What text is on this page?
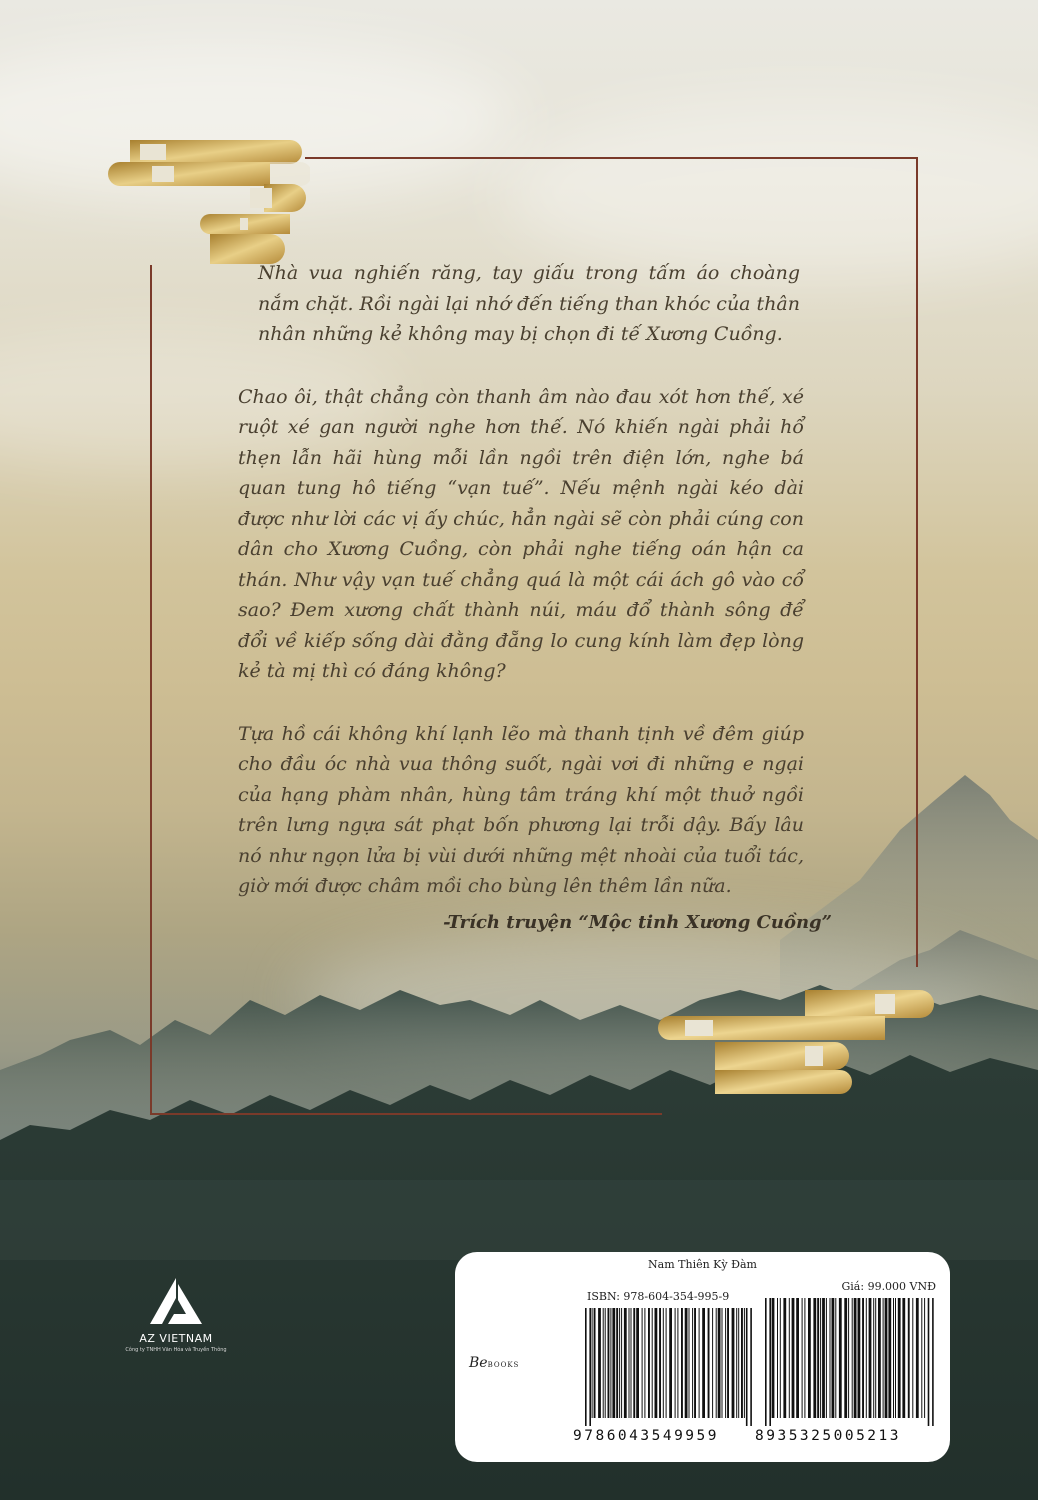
Nhà vua nghiến răng, tay giấu trong tấm áo choàng nắm chặt. Rồi ngài lại nhớ đến tiếng than khóc của thân nhân những kẻ không may bị chọn đi tế Xương Cuồng.

Chao ôi, thật chẳng còn thanh âm nào đau xót hơn thế, xé ruột xé gan người nghe hơn thế. Nó khiến ngài phải hổ thẹn lẫn hãi hùng mỗi lần ngồi trên điện lớn, nghe bá quan tung hô tiếng “vạn tuế”. Nếu mệnh ngài kéo dài được như lời các vị ấy chúc, hẳn ngài sẽ còn phải cúng con dân cho Xương Cuồng, còn phải nghe tiếng oán hận ca thán. Như vậy vạn tuế chẳng quá là một cái ách gô vào cổ sao? Đem xương chất thành núi, máu đổ thành sông để đổi về kiếp sống dài đằng đẵng lo cung kính làm đẹp lòng kẻ tà mị thì có đáng không?

Tựa hồ cái không khí lạnh lẽo mà thanh tịnh về đêm giúp cho đầu óc nhà vua thông suốt, ngài vơi đi những e ngại của hạng phàm nhân, hùng tâm tráng khí một thuở ngồi trên lưng ngựa sát phạt bốn phương lại trỗi dậy. Bấy lâu nó như ngọn lửa bị vùi dưới những mệt nhoài của tuổi tác, giờ mới được châm mồi cho bùng lên thêm lần nữa.

-Trích truyện “Mộc tinh Xương Cuồng”
AZ VIETNAM
Công ty TNHH Văn Hóa và Truyền Thông
Nam Thiên Kỳ Đàm
Giá: 99.000 VNĐ
ISBN: 978-604-354-995-9
BeBOOKS
9786043549959 8935325005213
